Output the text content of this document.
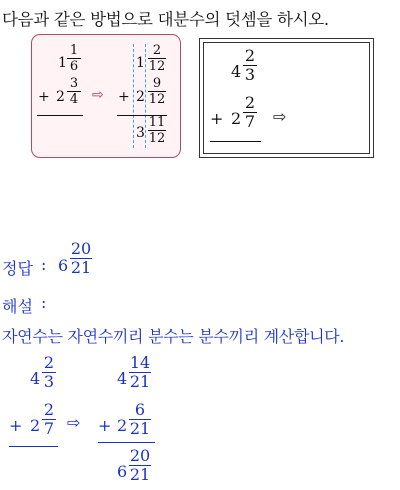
다음과 같은 방법으로 대분수의 덧셈을 하시오.
1
1
6
+ 2
3
4 ⇨
1
2
12
+ 2
9
12
3
11
12
4
2
3
+ 2
2
7 ⇨
정답 : 6
20
21
해설 :
자연수는 자연수끼리 분수는 분수끼리 계산합니다.
4
2
3
+ 2
2
7 ⇨
4
14
21
+ 2
6
21
6
20
21
